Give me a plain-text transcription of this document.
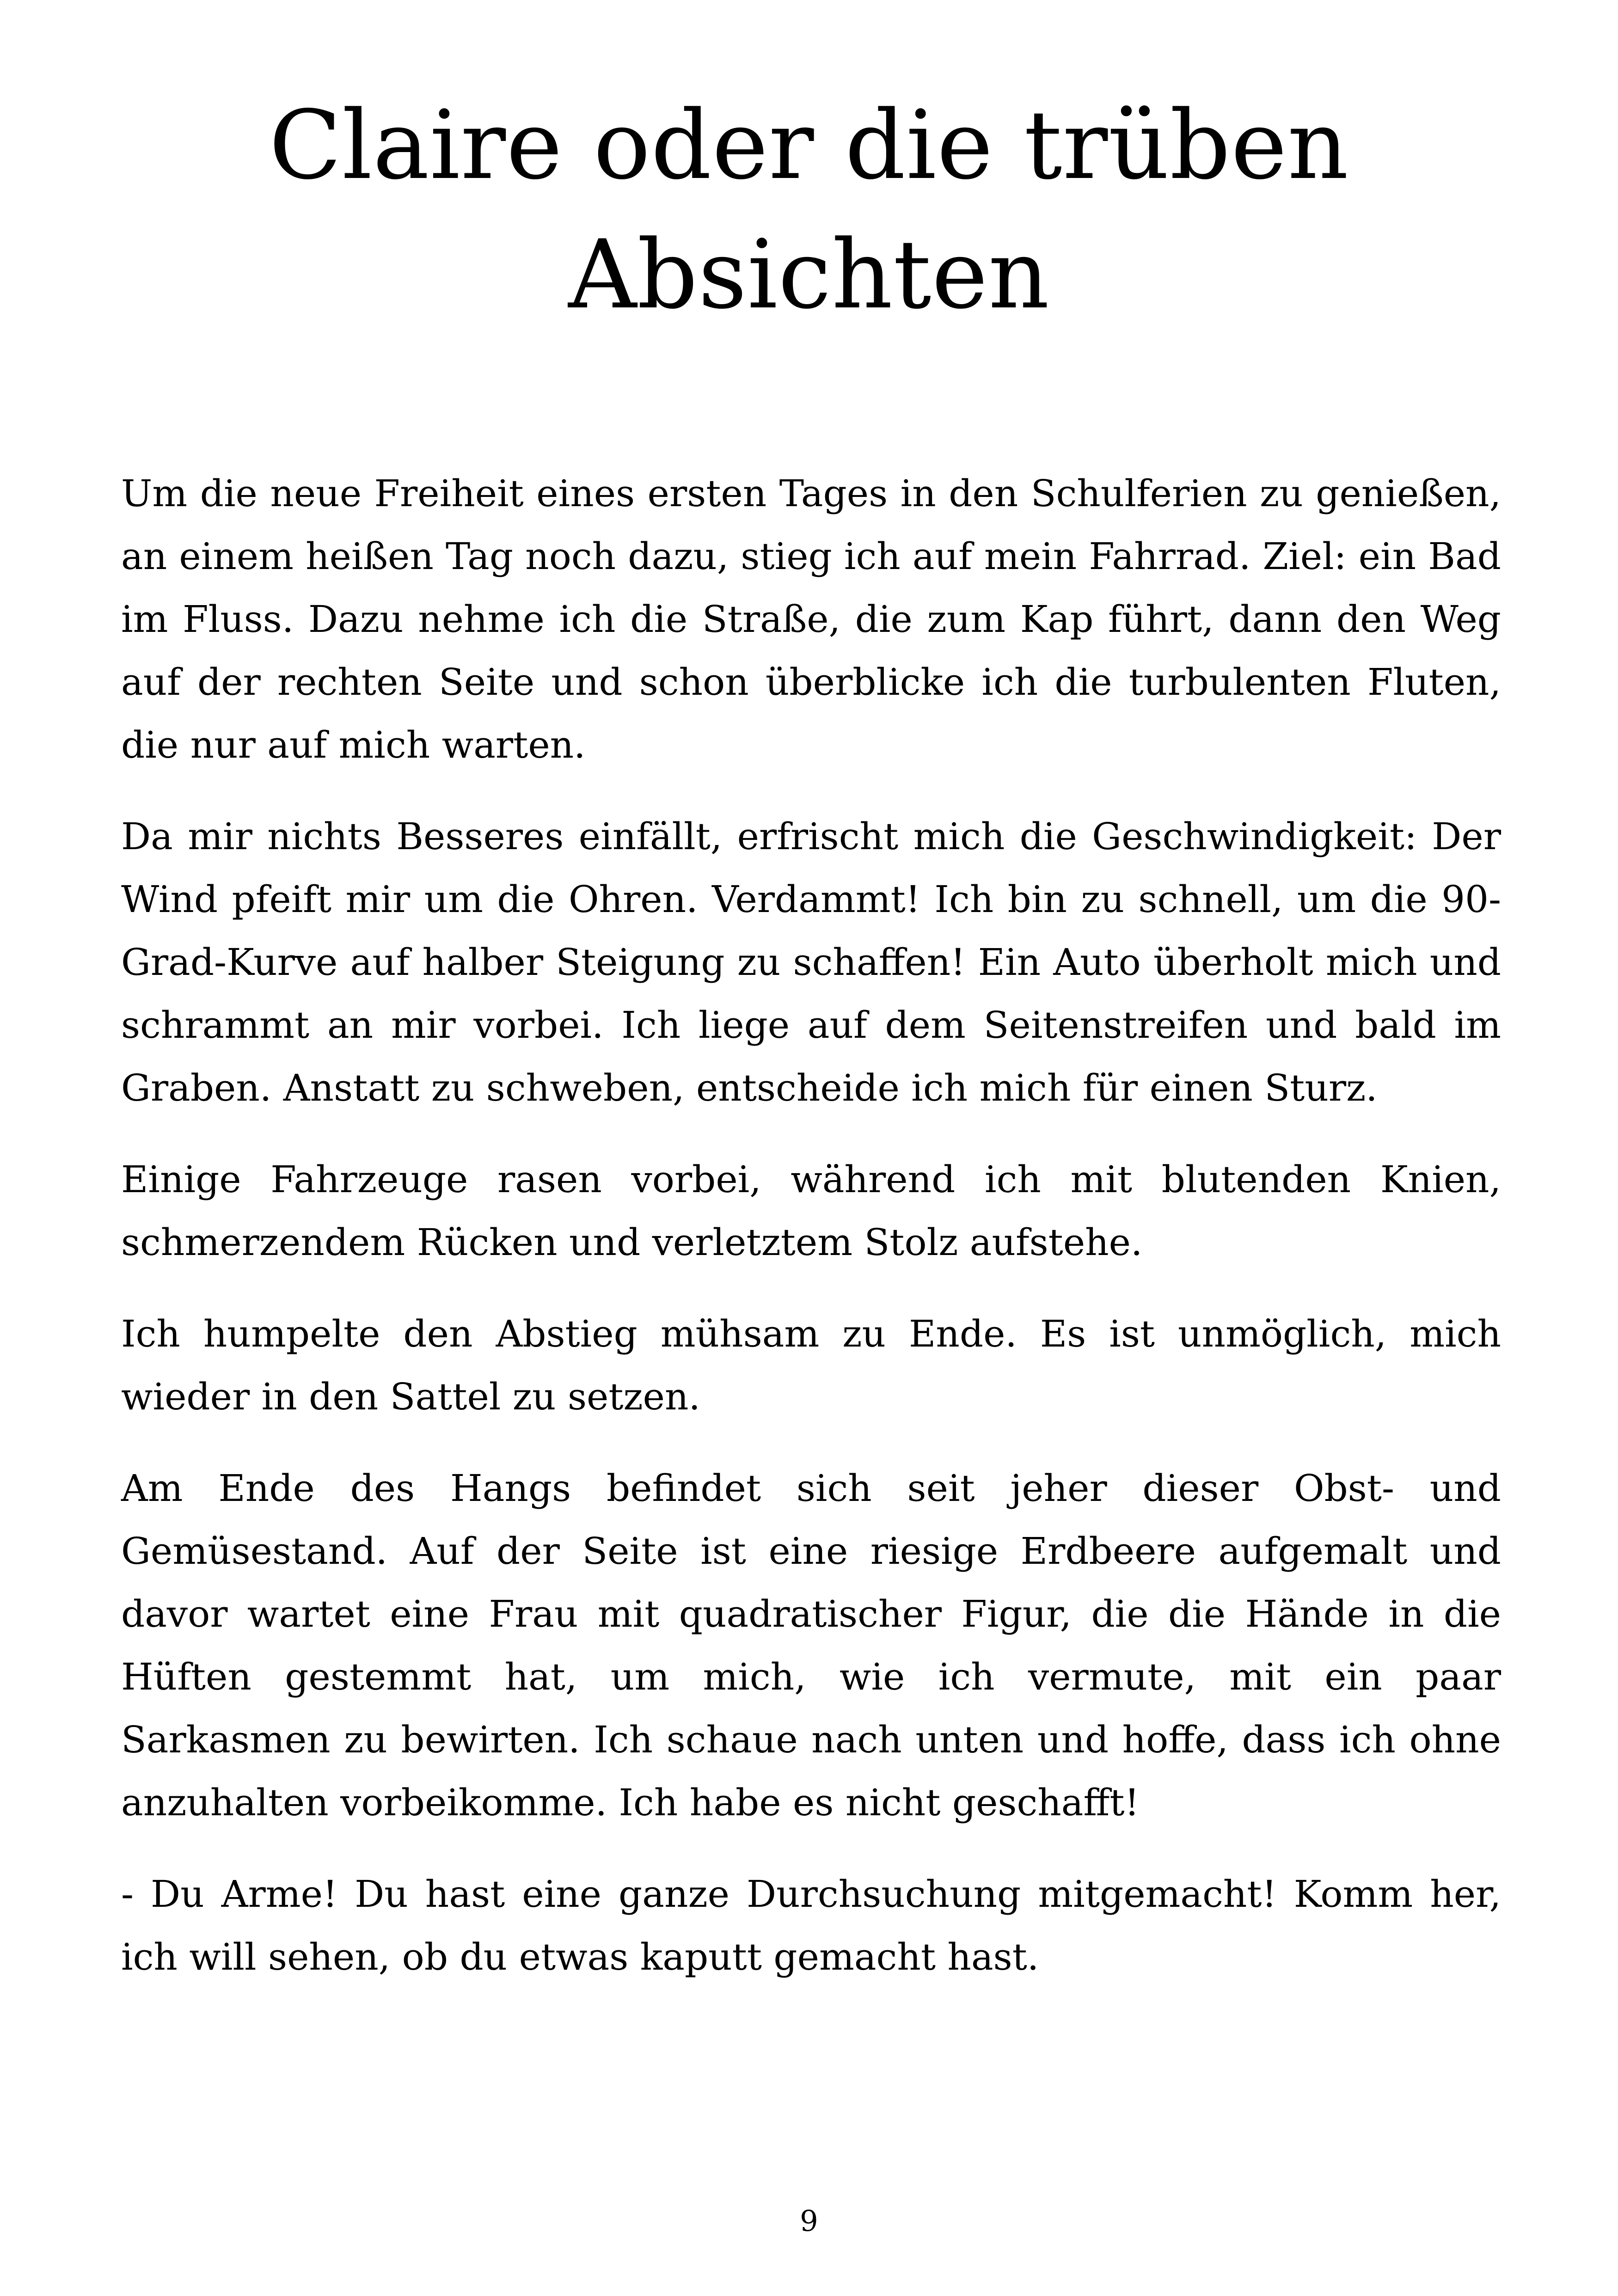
Claire oder die trüben
Absichten

Um die neue Freiheit eines ersten Tages in den Schulferien zu genießen, an einem heißen Tag noch dazu, stieg ich auf mein Fahrrad. Ziel: ein Bad im Fluss. Dazu nehme ich die Straße, die zum Kap führt, dann den Weg auf der rechten Seite und schon überblicke ich die turbulenten Fluten, die nur auf mich warten.

Da mir nichts Besseres einfällt, erfrischt mich die Geschwindigkeit: Der Wind pfeift mir um die Ohren. Verdammt! Ich bin zu schnell, um die 90-Grad-Kurve auf halber Steigung zu schaffen! Ein Auto überholt mich und schrammt an mir vorbei. Ich liege auf dem Seitenstreifen und bald im Graben. Anstatt zu schweben, entscheide ich mich für einen Sturz.

Einige Fahrzeuge rasen vorbei, während ich mit blutenden Knien, schmerzendem Rücken und verletztem Stolz aufstehe.

Ich humpelte den Abstieg mühsam zu Ende. Es ist unmöglich, mich wieder in den Sattel zu setzen.

Am Ende des Hangs befindet sich seit jeher dieser Obst- und Gemüsestand. Auf der Seite ist eine riesige Erdbeere aufgemalt und davor wartet eine Frau mit quadratischer Figur, die die Hände in die Hüften gestemmt hat, um mich, wie ich vermute, mit ein paar Sarkasmen zu bewirten. Ich schaue nach unten und hoffe, dass ich ohne anzuhalten vorbeikomme. Ich habe es nicht geschafft!

- Du Arme! Du hast eine ganze Durchsuchung mitgemacht! Komm her, ich will sehen, ob du etwas kaputt gemacht hast.

9
